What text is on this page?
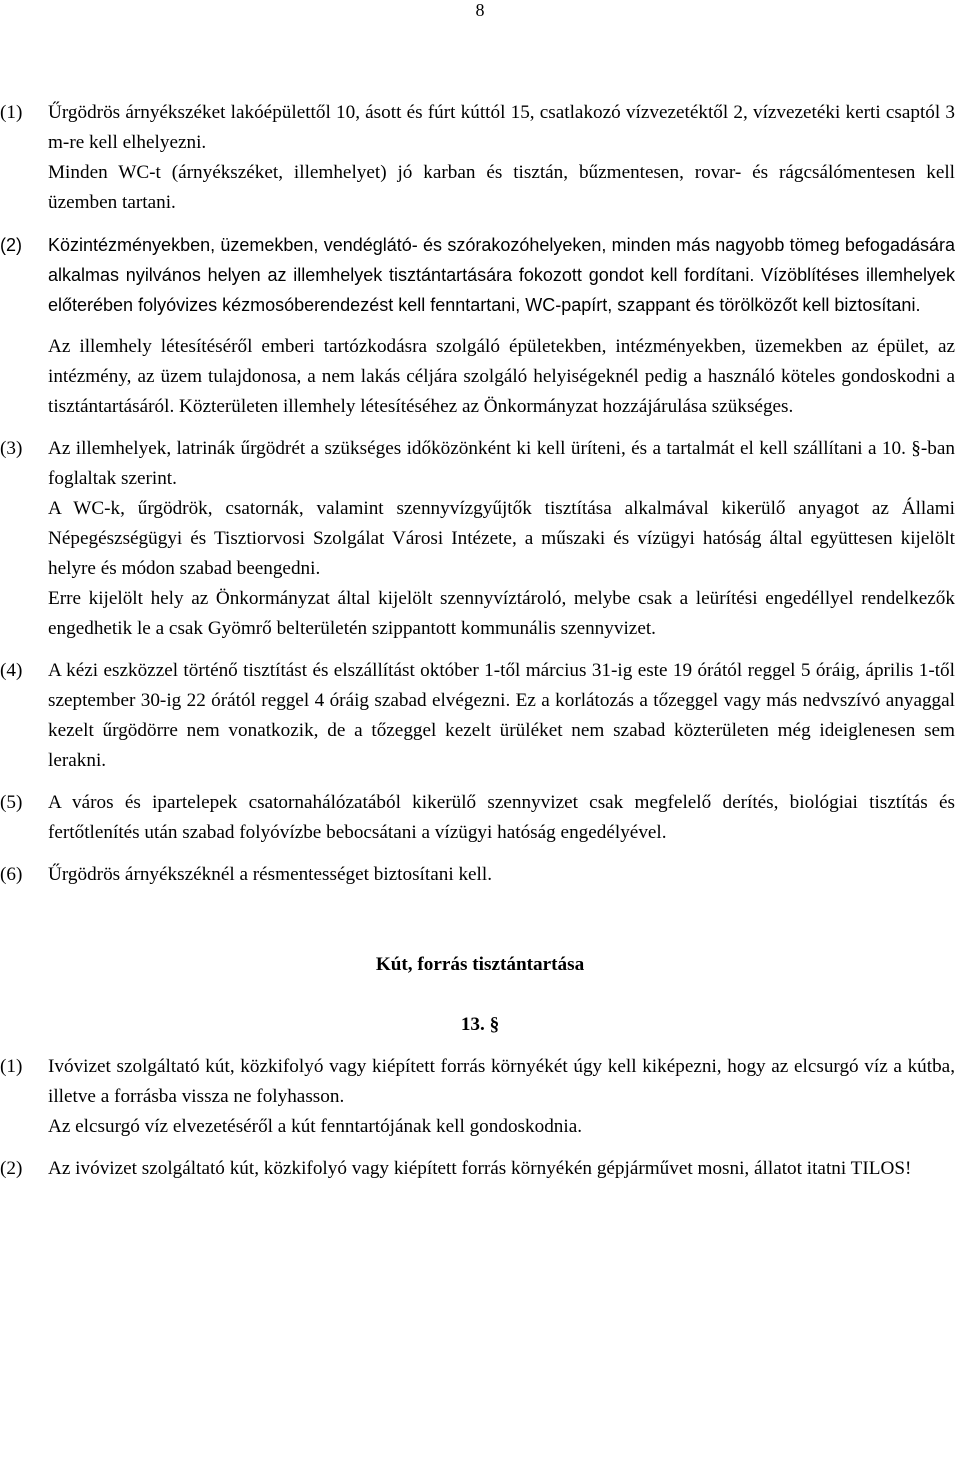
8
(1) Űrgödrös árnyékszéket lakóépülettől 10, ásott és fúrt kúttól 15, csatlakozó vízvezetéktől 2, vízvezetéki kerti csaptól 3 m-re kell elhelyezni.

Minden WC-t (árnyékszéket, illemhelyet) jó karban és tisztán, bűzmentesen, rovar- és rágcsálómentesen kell üzemben tartani.

(2) Közintézményekben, üzemekben, vendéglátó- és szórakozóhelyeken, minden más nagyobb tömeg befogadására alkalmas nyilvános helyen az illemhelyek tisztántartására fokozott gondot kell fordítani. Vízöblítéses illemhelyek előterében folyóvizes kézmosóberendezést kell fenntartani, WC-papírt, szappant és törölközőt kell biztosítani.

Az illemhely létesítéséről emberi tartózkodásra szolgáló épületekben, intézményekben, üzemekben az épület, az intézmény, az üzem tulajdonosa, a nem lakás céljára szolgáló helyiségeknél pedig a használó köteles gondoskodni a tisztántartásáról. Közterületen illemhely létesítéséhez az Önkormányzat hozzájárulása szükséges.

(3) Az illemhelyek, latrinák űrgödrét a szükséges időközönként ki kell üríteni, és a tartalmát el kell szállítani a 10. §-ban foglaltak szerint.

A WC-k, űrgödrök, csatornák, valamint szennyvízgyűjtők tisztítása alkalmával kikerülő anyagot az Állami Népegészségügyi és Tisztiorvosi Szolgálat Városi Intézete, a műszaki és vízügyi hatóság által együttesen kijelölt helyre és módon szabad beengedni.

Erre kijelölt hely az Önkormányzat által kijelölt szennyvíztároló, melybe csak a leürítési engedéllyel rendelkezők engedhetik le a csak Gyömrő belterületén szippantott kommunális szennyvizet.

(4) A kézi eszközzel történő tisztítást és elszállítást október 1-től március 31-ig este 19 órától reggel 5 óráig, április 1-től szeptember 30-ig 22 órától reggel 4 óráig szabad elvégezni. Ez a korlátozás a tőzeggel vagy más nedvszívó anyaggal kezelt űrgödörre nem vonatkozik, de a tőzeggel kezelt ürüléket nem szabad közterületen még ideiglenesen sem lerakni.

(5) A város és ipartelepek csatornahálózatából kikerülő szennyvizet csak megfelelő derítés, biológiai tisztítás és fertőtlenítés után szabad folyóvízbe bebocsátani a vízügyi hatóság engedélyével.

(6) Űrgödrös árnyékszéknél a résmentességet biztosítani kell.

Kút, forrás tisztántartása

13. §

(1) Ivóvizet szolgáltató kút, közkifolyó vagy kiépített forrás környékét úgy kell kiképezni, hogy az elcsurgó víz a kútba, illetve a forrásba vissza ne folyhasson.

Az elcsurgó víz elvezetéséről a kút fenntartójának kell gondoskodnia.

(2) Az ivóvizet szolgáltató kút, közkifolyó vagy kiépített forrás környékén gépjárművet mosni, állatot itatni TILOS!
